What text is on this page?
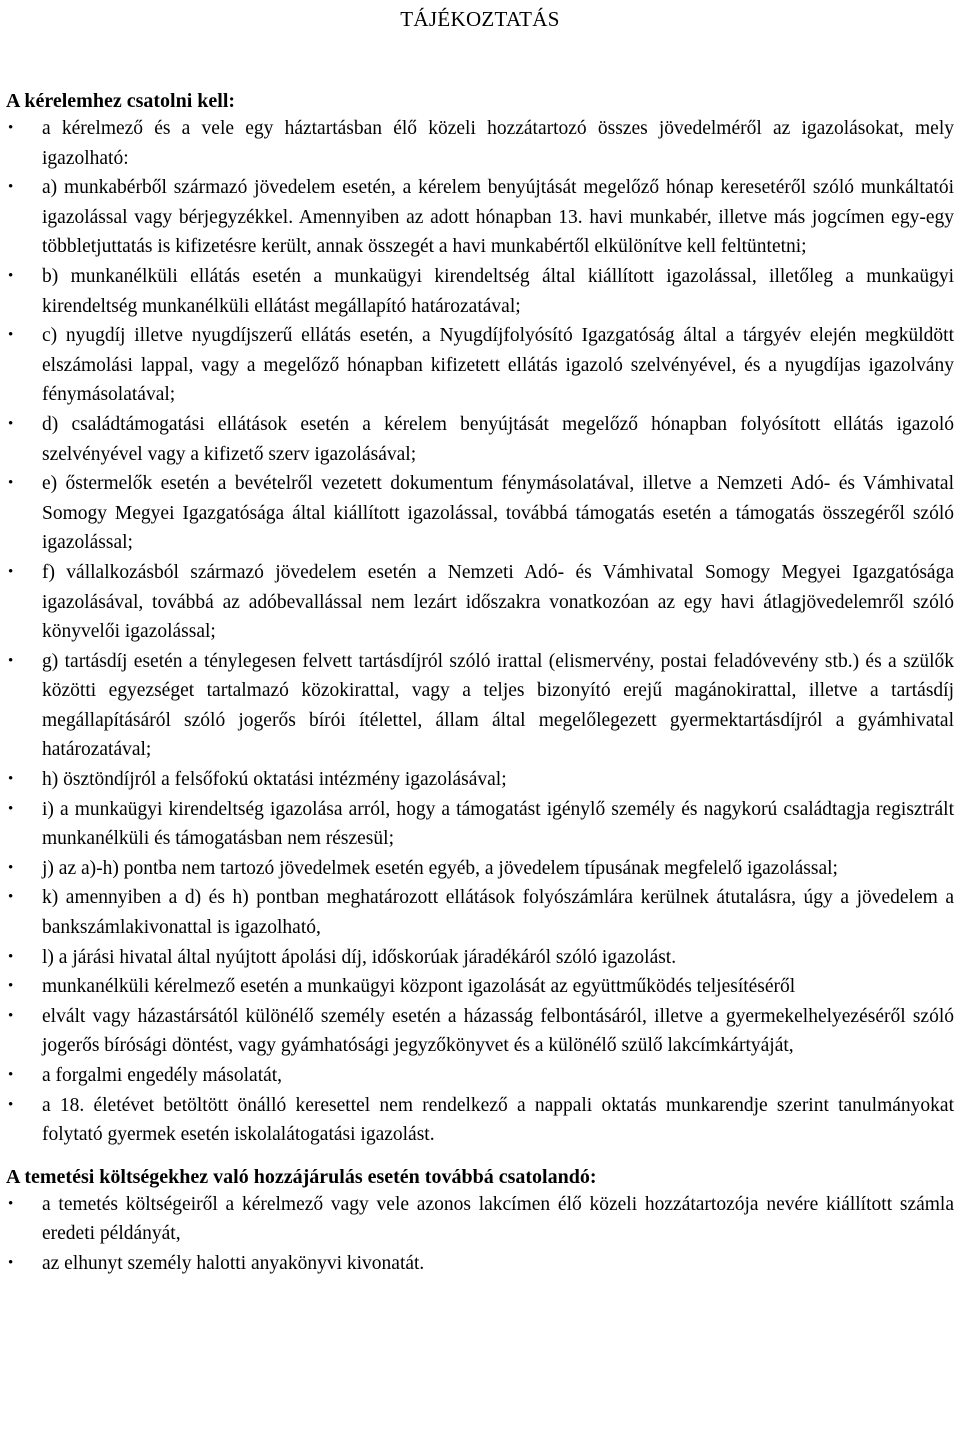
TÁJÉKOZTATÁS
A kérelemhez csatolni kell:
• a kérelmező és a vele egy háztartásban élő közeli hozzátartozó összes jövedelméről az igazolásokat, mely igazolható:
• a) munkabérből származó jövedelem esetén, a kérelem benyújtását megelőző hónap keresetéről szóló munkáltatói igazolással vagy bérjegyzékkel. Amennyiben az adott hónapban 13. havi munkabér, illetve más jogcímen egy-egy többletjuttatás is kifizetésre került, annak összegét a havi munkabértől elkülönítve kell feltüntetni;
• b) munkanélküli ellátás esetén a munkaügyi kirendeltség által kiállított igazolással, illetőleg a munkaügyi kirendeltség munkanélküli ellátást megállapító határozatával;
• c) nyugdíj illetve nyugdíjszerű ellátás esetén, a Nyugdíjfolyósító Igazgatóság által a tárgyév elején megküldött elszámolási lappal, vagy a megelőző hónapban kifizetett ellátás igazoló szelvényével, és a nyugdíjas igazolvány fénymásolatával;
• d) családtámogatási ellátások esetén a kérelem benyújtását megelőző hónapban folyósított ellátás igazoló szelvényével vagy a kifizető szerv igazolásával;
• e) őstermelők esetén a bevételről vezetett dokumentum fénymásolatával, illetve a Nemzeti Adó- és Vámhivatal Somogy Megyei Igazgatósága által kiállított igazolással, továbbá támogatás esetén a támogatás összegéről szóló igazolással;
• f) vállalkozásból származó jövedelem esetén a Nemzeti Adó- és Vámhivatal Somogy Megyei Igazgatósága igazolásával, továbbá az adóbevallással nem lezárt időszakra vonatkozóan az egy havi átlagjövedelemről szóló könyvelői igazolással;
• g) tartásdíj esetén a ténylegesen felvett tartásdíjról szóló irattal (elismervény, postai feladóvevény stb.) és a szülők közötti egyezséget tartalmazó közokirattal, vagy a teljes bizonyító erejű magánokirattal, illetve a tartásdíj megállapításáról szóló jogerős bírói ítélettel, állam által megelőlegezett gyermektartásdíjról a gyámhivatal határozatával;
• h) ösztöndíjról a felsőfokú oktatási intézmény igazolásával;
• i) a munkaügyi kirendeltség igazolása arról, hogy a támogatást igénylő személy és nagykorú családtagja regisztrált munkanélküli és támogatásban nem részesül;
• j) az a)-h) pontba nem tartozó jövedelmek esetén egyéb, a jövedelem típusának megfelelő igazolással;
• k) amennyiben a d) és h) pontban meghatározott ellátások folyószámlára kerülnek átutalásra, úgy a jövedelem a bankszámlakivonattal is igazolható,
• l) a járási hivatal által nyújtott ápolási díj, időskorúak járadékáról szóló igazolást.
• munkanélküli kérelmező esetén a munkaügyi központ igazolását az együttműködés teljesítéséről
• elvált vagy házastársától különélő személy esetén a házasság felbontásáról, illetve a gyermekelhelyezéséről szóló jogerős bírósági döntést, vagy gyámhatósági jegyzőkönyvet és a különélő szülő lakcímkártyáját,
• a forgalmi engedély másolatát,
• a 18. életévet betöltött önálló keresettel nem rendelkező a nappali oktatás munkarendje szerint tanulmányokat folytató gyermek esetén iskolalátogatási igazolást.
A temetési költségekhez való hozzájárulás esetén továbbá csatolandó:
• a temetés költségeiről a kérelmező vagy vele azonos lakcímen élő közeli hozzátartozója nevére kiállított számla eredeti példányát,
• az elhunyt személy halotti anyakönyvi kivonatát.
